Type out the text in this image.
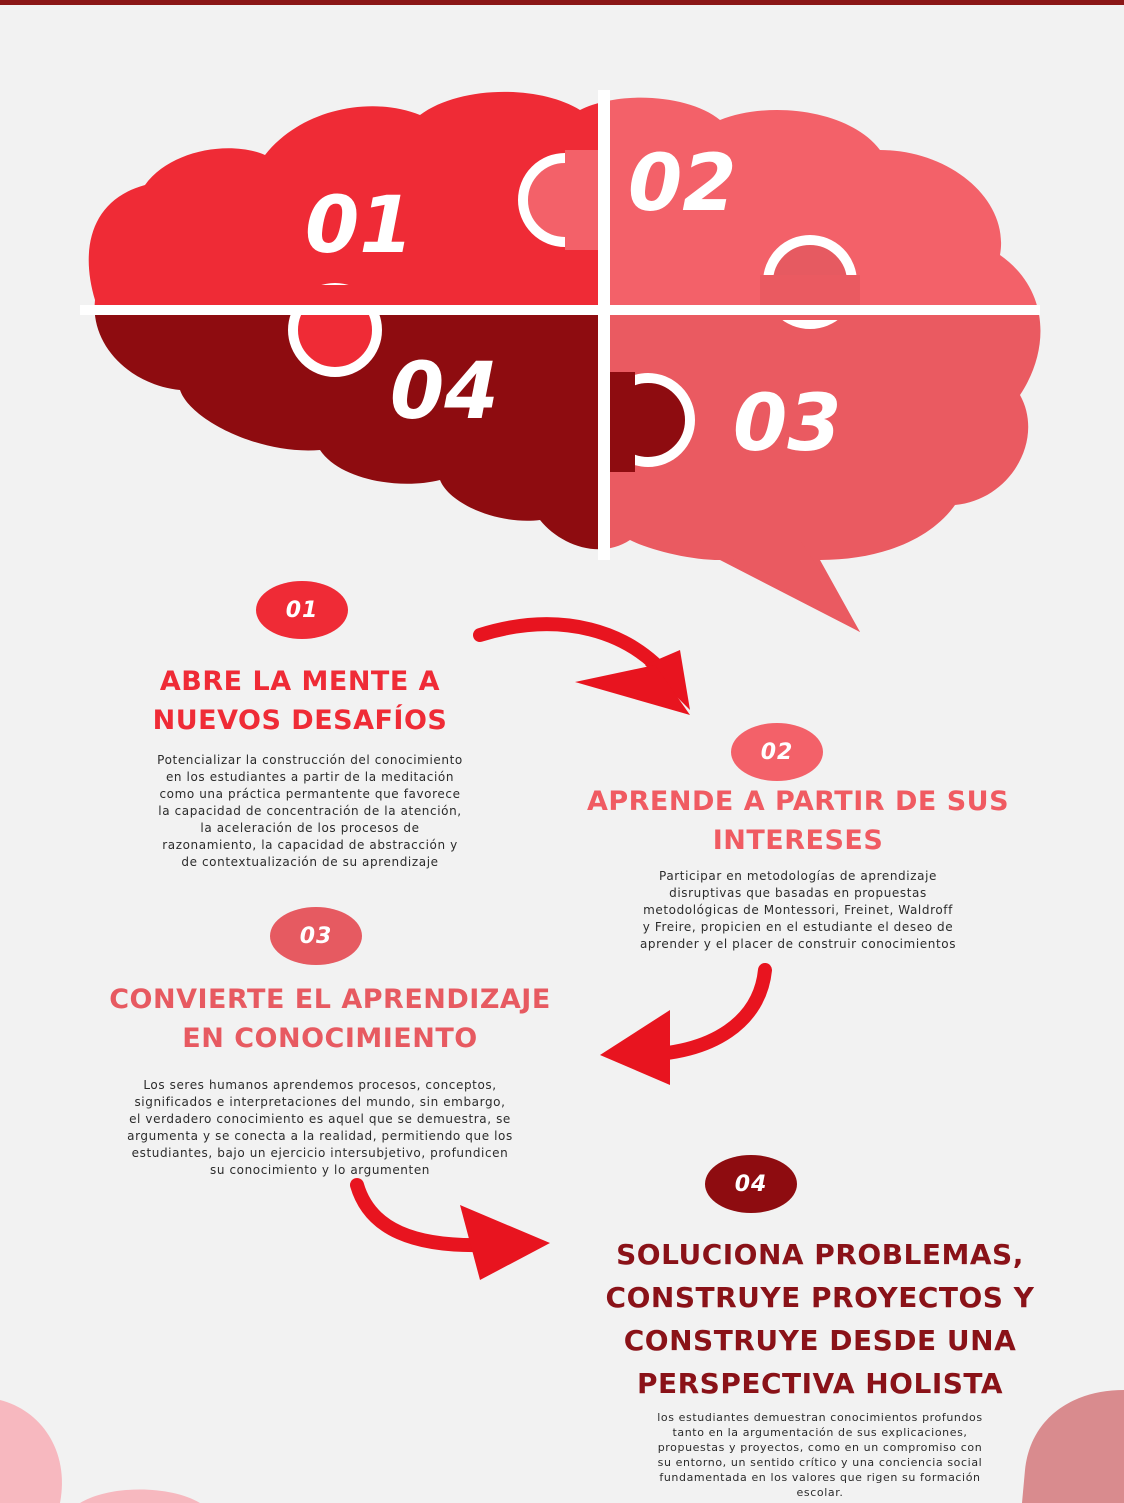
01	02
04	03
01
ABRE LA MENTE A
NUEVOS DESAFÍOS

Potencializar la construcción del conocimiento
en los estudiantes a partir de la meditación
como una práctica permantente que favorece
la capacidad de concentración de la atención,
la aceleración de los procesos de
razonamiento, la capacidad de abstracción y
de contextualización de su aprendizaje

02
APRENDE A PARTIR DE SUS
INTERESES

Participar en metodologías de aprendizaje
disruptivas que basadas en propuestas
metodológicas de Montessori, Freinet, Waldroff
y Freire, propicien en el estudiante el deseo de
aprender y el placer de construir conocimientos

03
CONVIERTE EL APRENDIZAJE
EN CONOCIMIENTO

Los seres humanos aprendemos procesos, conceptos,
significados e interpretaciones del mundo, sin embargo,
el verdadero conocimiento es aquel que se demuestra, se
argumenta y se conecta a la realidad, permitiendo que los
estudiantes, bajo un ejercicio intersubjetivo, profundicen
su conocimiento y lo argumenten

04
SOLUCIONA PROBLEMAS,
CONSTRUYE PROYECTOS Y
CONSTRUYE DESDE UNA
PERSPECTIVA HOLISTA

los estudiantes demuestran conocimientos profundos
tanto en la argumentación de sus explicaciones,
propuestas y proyectos, como en un compromiso con
su entorno, un sentido crítico y una conciencia social
fundamentada en los valores que rigen su formación
escolar.
